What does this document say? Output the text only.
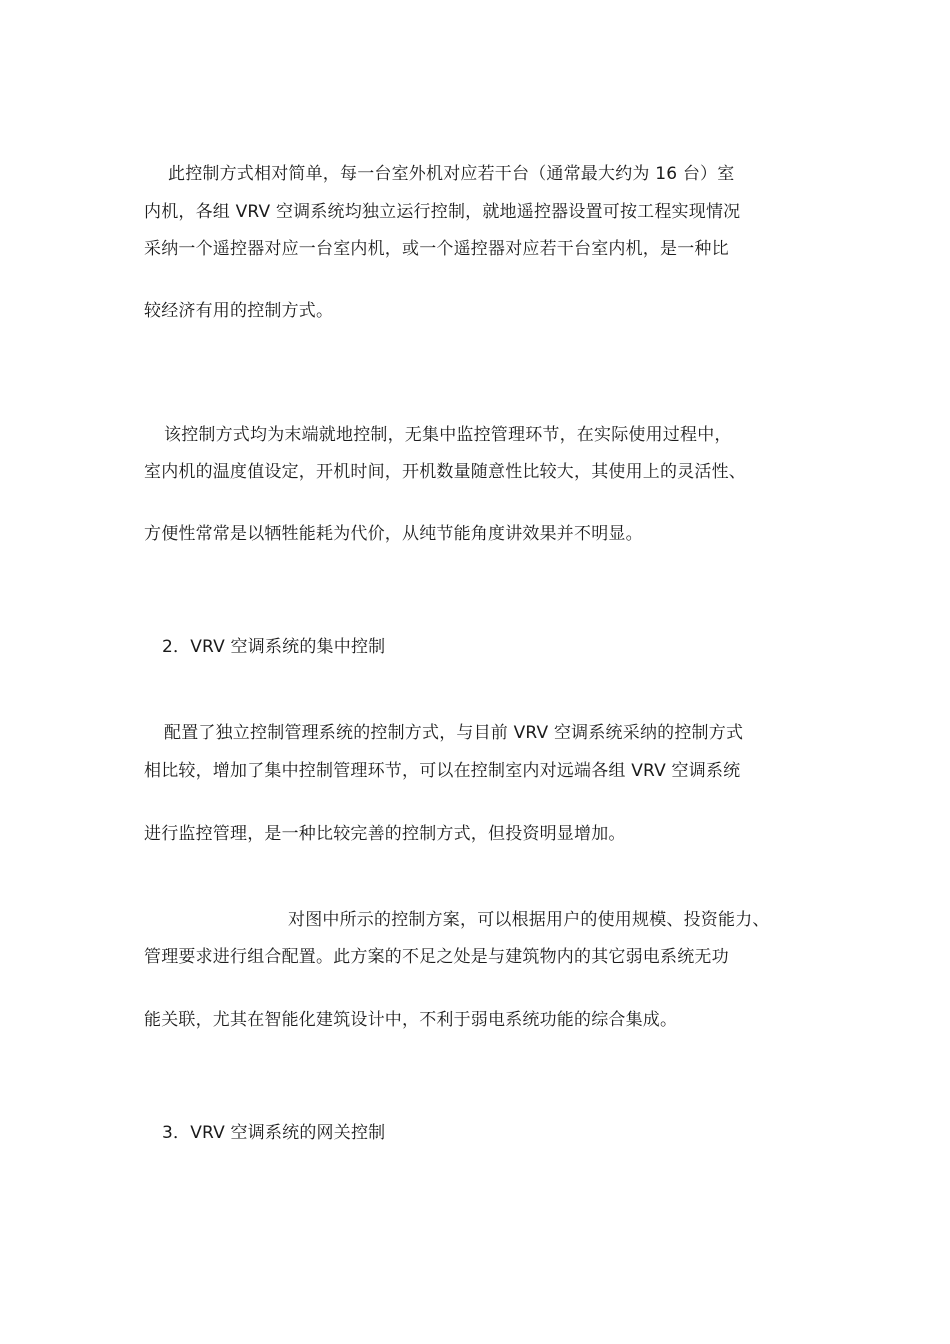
此控制方式相对简单，每一台室外机对应若干台（通常最大约为 16 台）室
内机，各组 VRV 空调系统均独立运行控制，就地遥控器设置可按工程实现情况
采纳一个遥控器对应一台室内机，或一个遥控器对应若干台室内机，是一种比
较经济有用的控制方式。
该控制方式均为末端就地控制，无集中监控管理环节，在实际使用过程中，
室内机的温度值设定，开机时间，开机数量随意性比较大，其使用上的灵活性、
方便性常常是以牺牲能耗为代价，从纯节能角度讲效果并不明显。
2．VRV 空调系统的集中控制
配置了独立控制管理系统的控制方式，与目前 VRV 空调系统采纳的控制方式
相比较，增加了集中控制管理环节，可以在控制室内对远端各组 VRV 空调系统
进行监控管理，是一种比较完善的控制方式，但投资明显增加。
对图中所示的控制方案，可以根据用户的使用规模、投资能力、
管理要求进行组合配置。此方案的不足之处是与建筑物内的其它弱电系统无功
能关联，尤其在智能化建筑设计中，不利于弱电系统功能的综合集成。
3．VRV 空调系统的网关控制
